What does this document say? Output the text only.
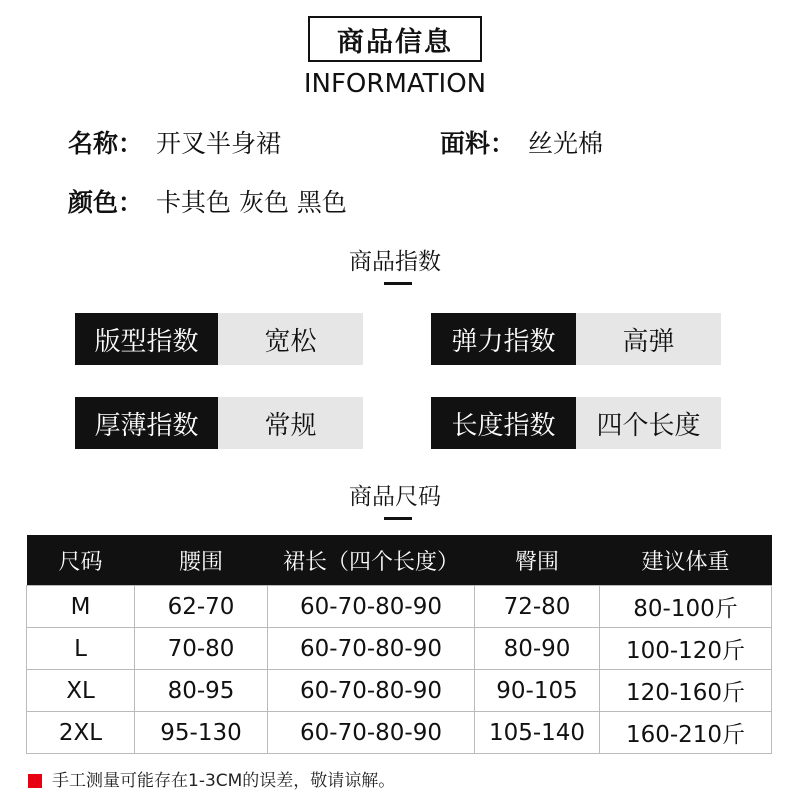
商品信息
INFORMATION
名称： 开叉半身裙	面料： 丝光棉
颜色： 卡其色 灰色 黑色
商品指数
版型指数	宽松	弹力指数	高弹
厚薄指数	常规	长度指数	四个长度
商品尺码
尺码	腰围	裙长（四个长度）	臀围	建议体重
M	62-70	60-70-80-90	72-80	80-100斤
L	70-80	60-70-80-90	80-90	100-120斤
XL	80-95	60-70-80-90	90-105	120-160斤
2XL	95-130	60-70-80-90	105-140	160-210斤
手工测量可能存在1-3CM的误差，敬请谅解。
